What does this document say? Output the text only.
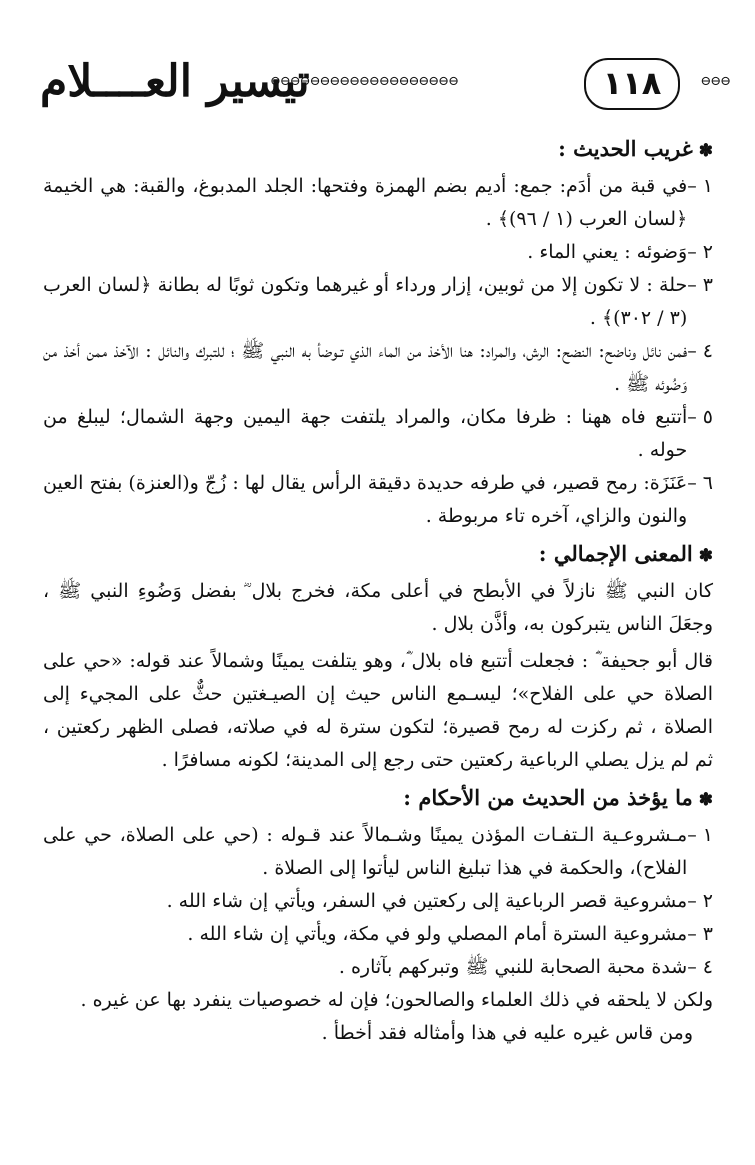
تيسير العــــلام
⊖⊖⊖⊖⊖⊖⊖⊖⊖⊖⊖⊖⊖⊖⊖⊖⊖⊖⊖	١١٨	⊖⊖⊖
✽غريب الحديث :
١ –
في قبة من أدَم: جمع: أديم بضم الهمزة وفتحها: الجلد المدبوغ، والقبة: هي الخيمة ﴿لسان العرب (١ / ٩٦)﴾ .
٢ –
وَضوئه : يعني الماء .
٣ –
حلة : لا تكون إلا من ثوبين، إزار ورداء أو غيرهما وتكون ثوبًا له بطانة ﴿لسان العرب (٣ / ٣٠٢)﴾ .
٤ –
فمن نائل وناضح: النضح: الرش، والمراد: هنا الأخذ من الماء الذي تـوضأ به النبي ﷺ ؛ للتبرك والنائل : الآخذ ممن أخذ من وَضُوئه ﷺ .
٥ –
أتتبع فاه ههنا : ظرفا مكان، والمراد يلتفت جهة اليمين وجهة الشمال؛ ليبلغ من حوله .
٦ –
عَنَزَة: رمح قصير، في طرفه حديدة دقيقة الرأس يقال لها : زُجّ و(العنزة) بفتح العين والنون والزاي، آخره تاء مربوطة .
✽المعنى الإجمالي :
كان النبي ﷺ نازلاً في الأبطح في أعلى مكة، فخرج بلال ؓ بفضل وَضُوءِ النبي ﷺ ، وجعَلَ الناس يتبركون به، وأذَّن بلال .
قال أبو جحيفة ؓ : فجعلت أتتبع فاه بلال ؓ، وهو يتلفت يمينًا وشمالاً عند قوله: «حي على الصلاة حي على الفلاح»؛ ليسـمع الناس حيث إن الصيـغتين حثٌّ على المجيء إلى الصلاة ، ثم ركزت له رمح قصيرة؛ لتكون سترة له في صلاته، فصلى الظهر ركعتين ، ثم لم يزل يصلي الرباعية ركعتين حتى رجع إلى المدينة؛ لكونه مسافرًا .
✽ما يؤخذ من الحديث من الأحكام :
١ –
مـشروعـية الـتفـات المؤذن يمينًا وشـمالاً عند قـوله : (حي على الصلاة، حي على الفلاح)، والحكمة في هذا تبليغ الناس ليأتوا إلى الصلاة .
٢ –
مشروعية قصر الرباعية إلى ركعتين في السفر، ويأتي إن شاء الله .
٣ –
مشروعية السترة أمام المصلي ولو في مكة، ويأتي إن شاء الله .
٤ –
شدة محبة الصحابة للنبي ﷺ وتبركهم بآثاره .
ولكن لا يلحقه في ذلك العلماء والصالحون؛ فإن له خصوصيات ينفرد بها عن غيره .
ومن قاس غيره عليه في هذا وأمثاله فقد أخطأ .
